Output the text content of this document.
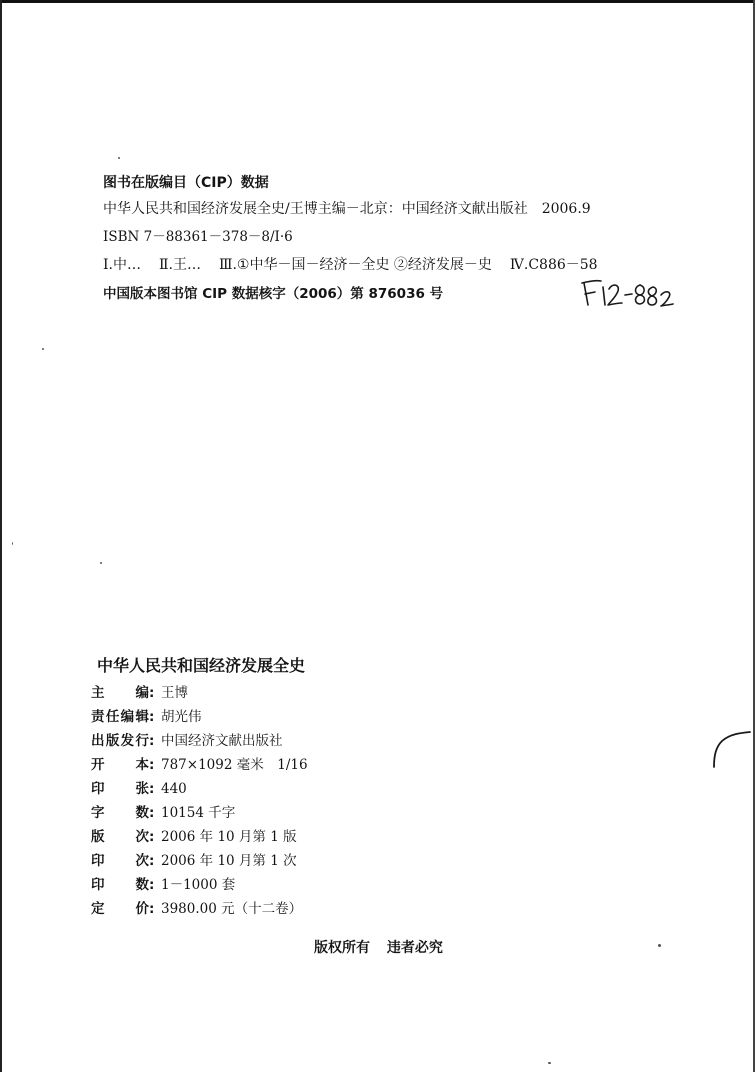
图书在版编目（CIP）数据
中华人民共和国经济发展全史/王博主编－北京：中国经济文献出版社　2006.9
ISBN 7－88361－378－8/I·6
Ⅰ.中… Ⅱ.王… Ⅲ.①中华－国－经济－全史 ②经济发展－史 Ⅳ.C886－58
中国版本图书馆 CIP 数据核字（2006）第 876036 号
中华人民共和国经济发展全史
主编: 王博
责任编辑: 胡光伟
出版发行: 中国经济文献出版社
开本: 787×1092 毫米　1/16
印张: 440
字数: 10154 千字
版次: 2006 年 10 月第 1 版
印次: 2006 年 10 月第 1 次
印数: 1－1000 套
定价: 3980.00 元（十二卷）
版权所有 违者必究
